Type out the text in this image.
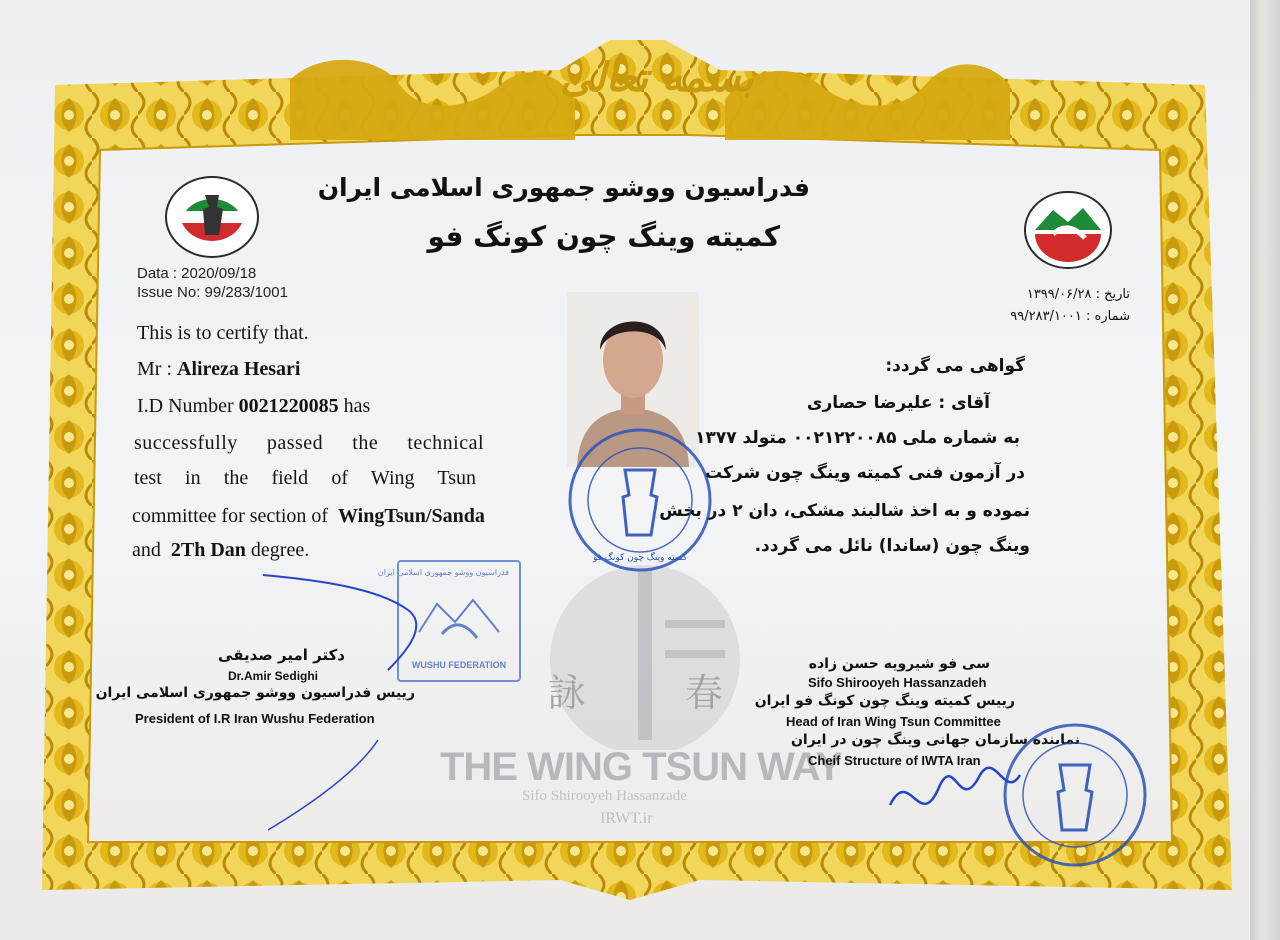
بسمه تعالی
فدراسیون ووشو جمهوری اسلامی ایران
کمیته وینگ چون کونگ فو
Data : 2020/09/18
Issue No: 99/283/1001	تاریخ : ۱۳۹۹/۰۶/۲۸
شماره : ۹۹/۲۸۳/۱۰۰۱
This is to certify that.
Mr : Alireza Hesari
I.D Number 0021220085 has
successfully passed the technical
test in the field of Wing Tsun
committee for section of WingTsun/Sanda
and 2Th Dan degree.
گواهی می گردد:
آقای : علیرضا حصاری
به شماره ملی ۰۰۲۱۲۲۰۰۸۵ متولد ۱۳۷۷
در آزمون فنی کمیته وینگ چون شرکت
نموده و به اخذ شالبند مشکی، دان ۲ در بخش
وینگ چون (ساندا) نائل می گردد.
詠	春
THE WING TSUN WAY
Sifo Shirooyeh Hassanzade
IRWT.ir
فدراسیون ووشو جمهوری اسلامی ایران
WUSHU FEDERATION
دکتر امیر صدیقی
Dr.Amir Sedighi
رییس فدراسیون ووشو جمهوری اسلامی ایران
President of I.R Iran Wushu Federation
کمیته وینگ چون کونگ فو
سی فو شیرویه حسن زاده
Sifo Shirooyeh Hassanzadeh
رییس کمیته وینگ چون کونگ فو ایران
Head of Iran Wing Tsun Committee
نماینده سازمان جهانی وینگ چون در ایران
Cheif Structure of IWTA Iran
